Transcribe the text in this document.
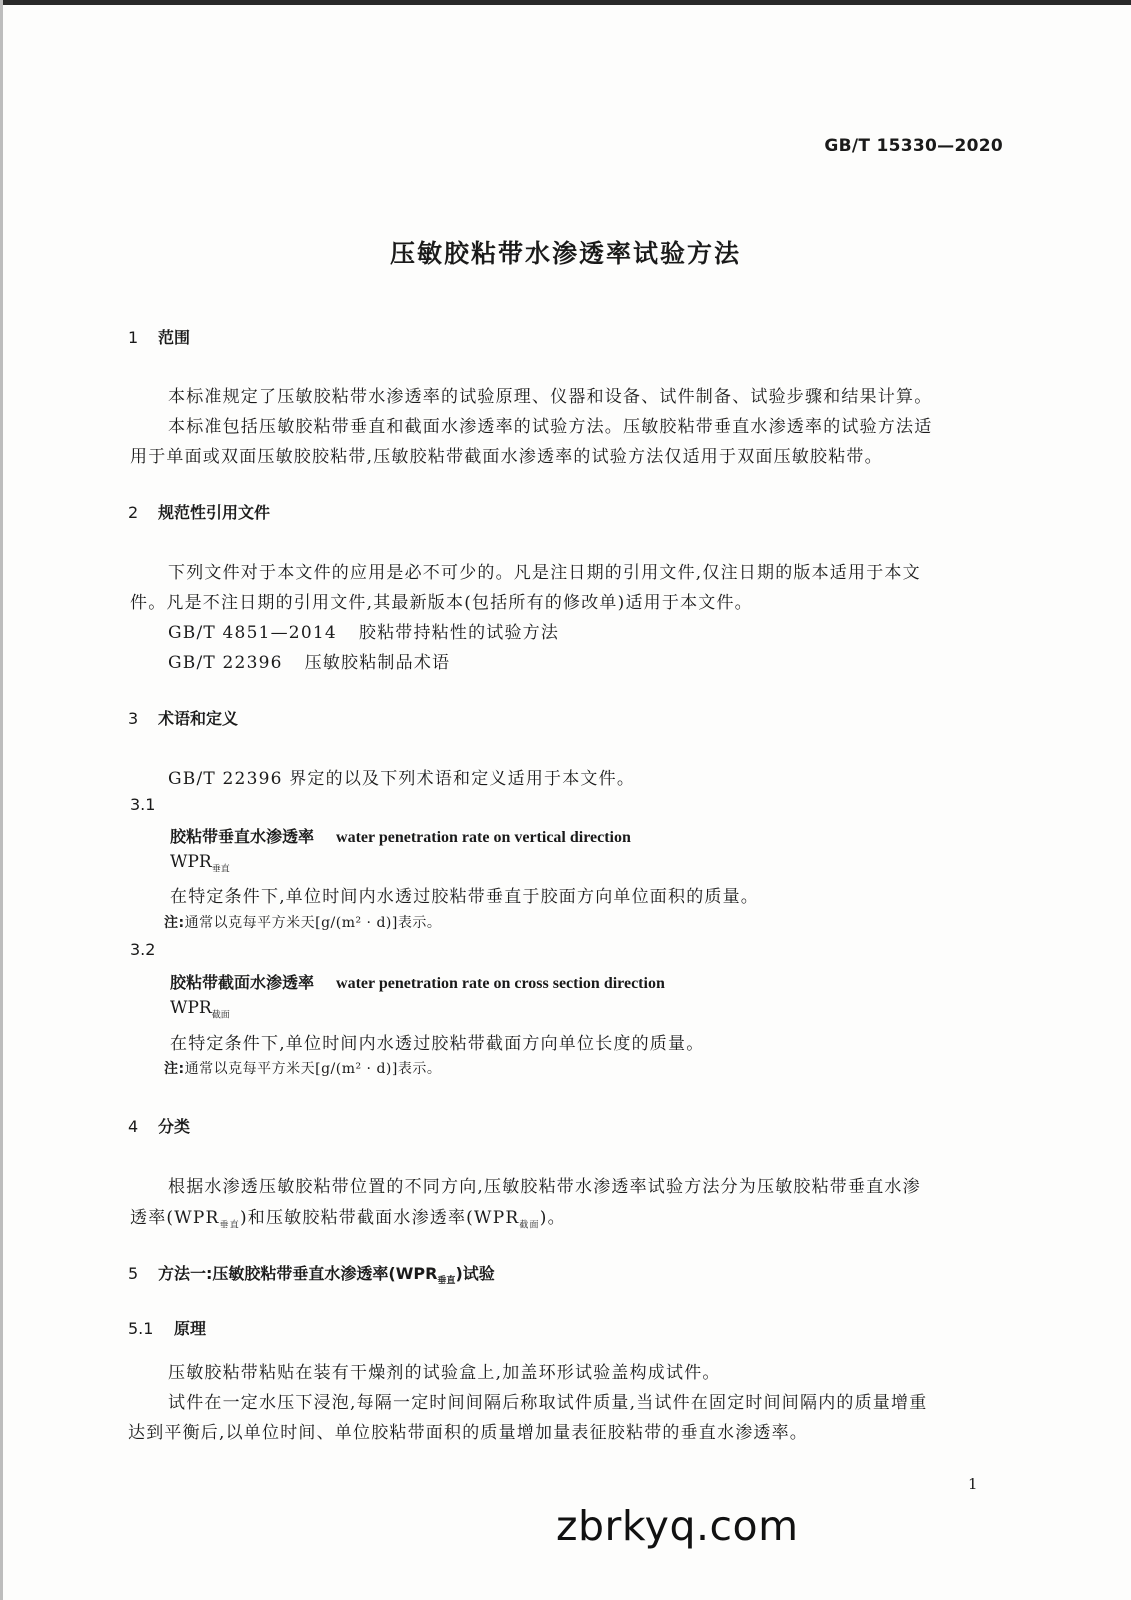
GB/T 15330—2020
压敏胶粘带水渗透率试验方法
1 范围
本标准规定了压敏胶粘带水渗透率的试验原理、仪器和设备、试件制备、试验步骤和结果计算。
本标准包括压敏胶粘带垂直和截面水渗透率的试验方法。压敏胶粘带垂直水渗透率的试验方法适
用于单面或双面压敏胶胶粘带,压敏胶粘带截面水渗透率的试验方法仅适用于双面压敏胶粘带。
2 规范性引用文件
下列文件对于本文件的应用是必不可少的。凡是注日期的引用文件,仅注日期的版本适用于本文
件。凡是不注日期的引用文件,其最新版本(包括所有的修改单)适用于本文件。
GB/T 4851—2014 胶粘带持粘性的试验方法
GB/T 22396 压敏胶粘制品术语
3 术语和定义
GB/T 22396 界定的以及下列术语和定义适用于本文件。
3.1
胶粘带垂直水渗透率 water penetration rate on vertical direction
$WPR_{垂直}$
在特定条件下,单位时间内水透过胶粘带垂直于胶面方向单位面积的质量。
注:通常以克每平方米天[g/(m² · d)]表示。
3.2
胶粘带截面水渗透率 water penetration rate on cross section direction
$WPR_{截面}$
在特定条件下,单位时间内水透过胶粘带截面方向单位长度的质量。
注:通常以克每平方米天[g/(m² · d)]表示。
4 分类
根据水渗透压敏胶粘带位置的不同方向,压敏胶粘带水渗透率试验方法分为压敏胶粘带垂直水渗
透率$(WPR_{垂直})$和压敏胶粘带截面水渗透率$(WPR_{截面})$。
5 方法一:压敏胶粘带垂直水渗透率$(WPR_{垂直})$试验
5.1 原理
压敏胶粘带粘贴在装有干燥剂的试验盒上,加盖环形试验盖构成试件。
试件在一定水压下浸泡,每隔一定时间间隔后称取试件质量,当试件在固定时间间隔内的质量增重
达到平衡后,以单位时间、单位胶粘带面积的质量增加量表征胶粘带的垂直水渗透率。
1
zbrkyq.com
